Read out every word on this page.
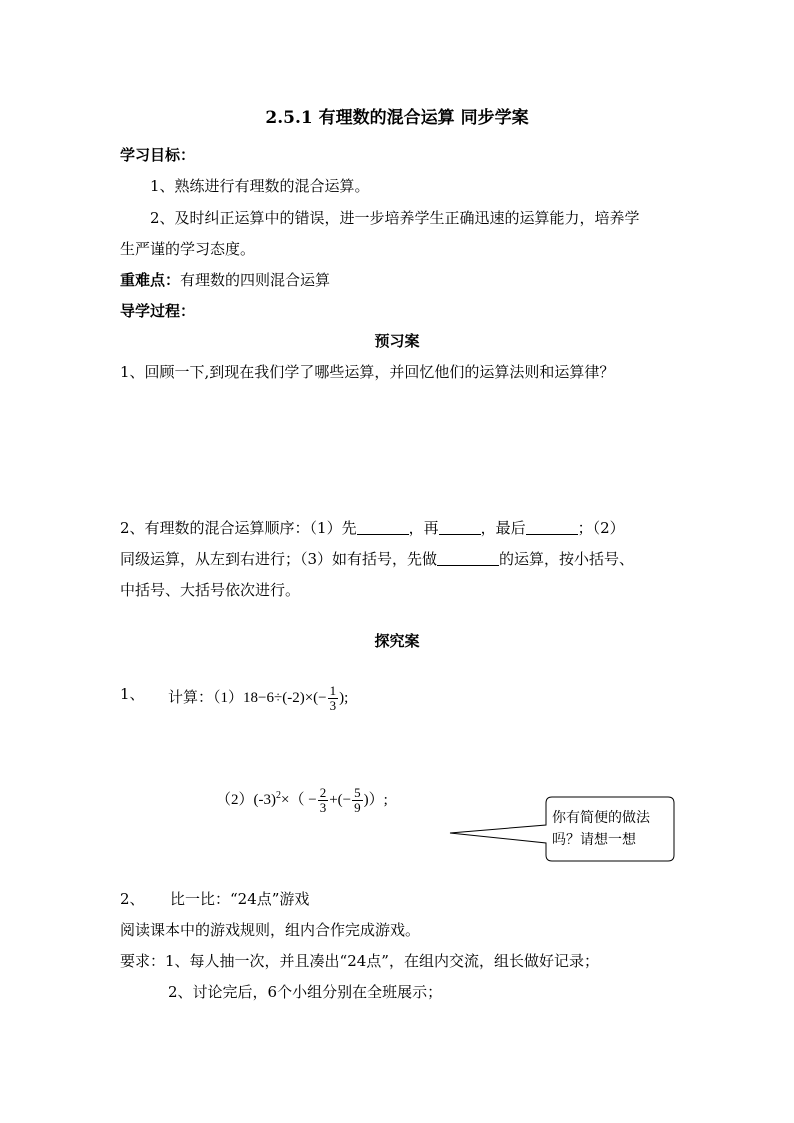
2.5.1 有理数的混合运算 同步学案
学习目标：
1、熟练进行有理数的混合运算。
2、及时纠正运算中的错误，进一步培养学生正确迅速的运算能力，培养学
生严谨的学习态度。
重难点：有理数的四则混合运算
导学过程：
预习案
1、回顾一下,到现在我们学了哪些运算，并回忆他们的运算法则和运算律？
2、有理数的混合运算顺序：（1）先	，再	，最后	；（2）
同级运算，从左到右进行；（3）如有括号，先做	的运算，按小括号、
中括号、大括号依次进行。
探究案
1、 计算：$(1)18-6\div(-2)\times(- \frac{1}{3}$ );
$(2)(-3)^2\times( - \frac{2}{3}$ +(− $\frac{5}{9}$ )）;
你有简便的做法吗？请想一想
2、 比一比：“24点”游戏
阅读课本中的游戏规则，组内合作完成游戏。
要求：1、每人抽一次，并且凑出“24点”，在组内交流，组长做好记录；
2、讨论完后，6个小组分别在全班展示；
